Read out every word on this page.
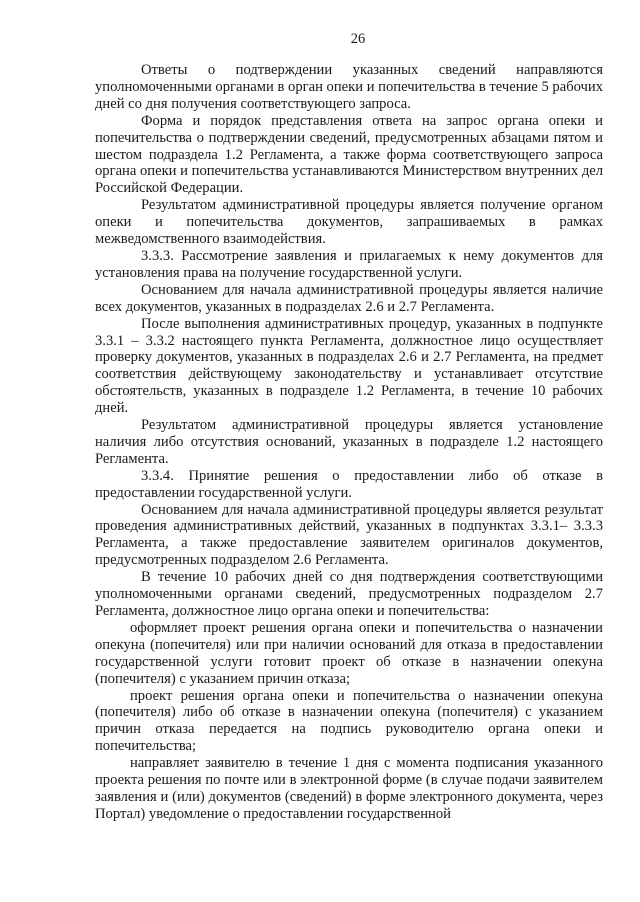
26

Ответы о подтверждении указанных сведений направляются уполномоченными органами в орган опеки и попечительства в течение 5 рабочих дней со дня получения соответствующего запроса.

Форма и порядок представления ответа на запрос органа опеки и попечительства о подтверждении сведений, предусмотренных абзацами пятом и шестом подраздела 1.2 Регламента, а также форма соответствующего запроса органа опеки и попечительства устанавливаются Министерством внутренних дел Российской Федерации.

Результатом административной процедуры является получение органом опеки и попечительства документов, запрашиваемых в рамках межведомственного взаимодействия.

3.3.3. Рассмотрение заявления и прилагаемых к нему документов для установления права на получение государственной услуги.

Основанием для начала административной процедуры является наличие всех документов, указанных в подразделах 2.6 и 2.7 Регламента.

После выполнения административных процедур, указанных в подпункте 3.3.1 – 3.3.2 настоящего пункта Регламента, должностное лицо осуществляет проверку документов, указанных в подразделах 2.6 и 2.7 Регламента, на предмет соответствия действующему законодательству и устанавливает отсутствие обстоятельств, указанных в подразделе 1.2 Регламента, в течение 10 рабочих дней.

Результатом административной процедуры является установление наличия либо отсутствия оснований, указанных в подразделе 1.2 настоящего Регламента.

3.3.4. Принятие решения о предоставлении либо об отказе в предоставлении государственной услуги.

Основанием для начала административной процедуры является результат проведения административных действий, указанных в подпунктах 3.3.1– 3.3.3 Регламента, а также предоставление заявителем оригиналов документов, предусмотренных подразделом 2.6 Регламента.

В течение 10 рабочих дней со дня подтверждения соответствующими уполномоченными органами сведений, предусмотренных подразделом 2.7 Регламента, должностное лицо органа опеки и попечительства:

оформляет проект решения органа опеки и попечительства о назначении опекуна (попечителя) или при наличии оснований для отказа в предоставлении государственной услуги готовит проект об отказе в назначении опекуна (попечителя) с указанием причин отказа;

проект решения органа опеки и попечительства о назначении опекуна (попечителя) либо об отказе в назначении опекуна (попечителя) с указанием причин отказа передается на подпись руководителю органа опеки и попечительства;

направляет заявителю в течение 1 дня с момента подписания указанного проекта решения по почте или в электронной форме (в случае подачи заявителем заявления и (или) документов (сведений) в форме электронного документа, через Портал) уведомление о предоставлении государственной
